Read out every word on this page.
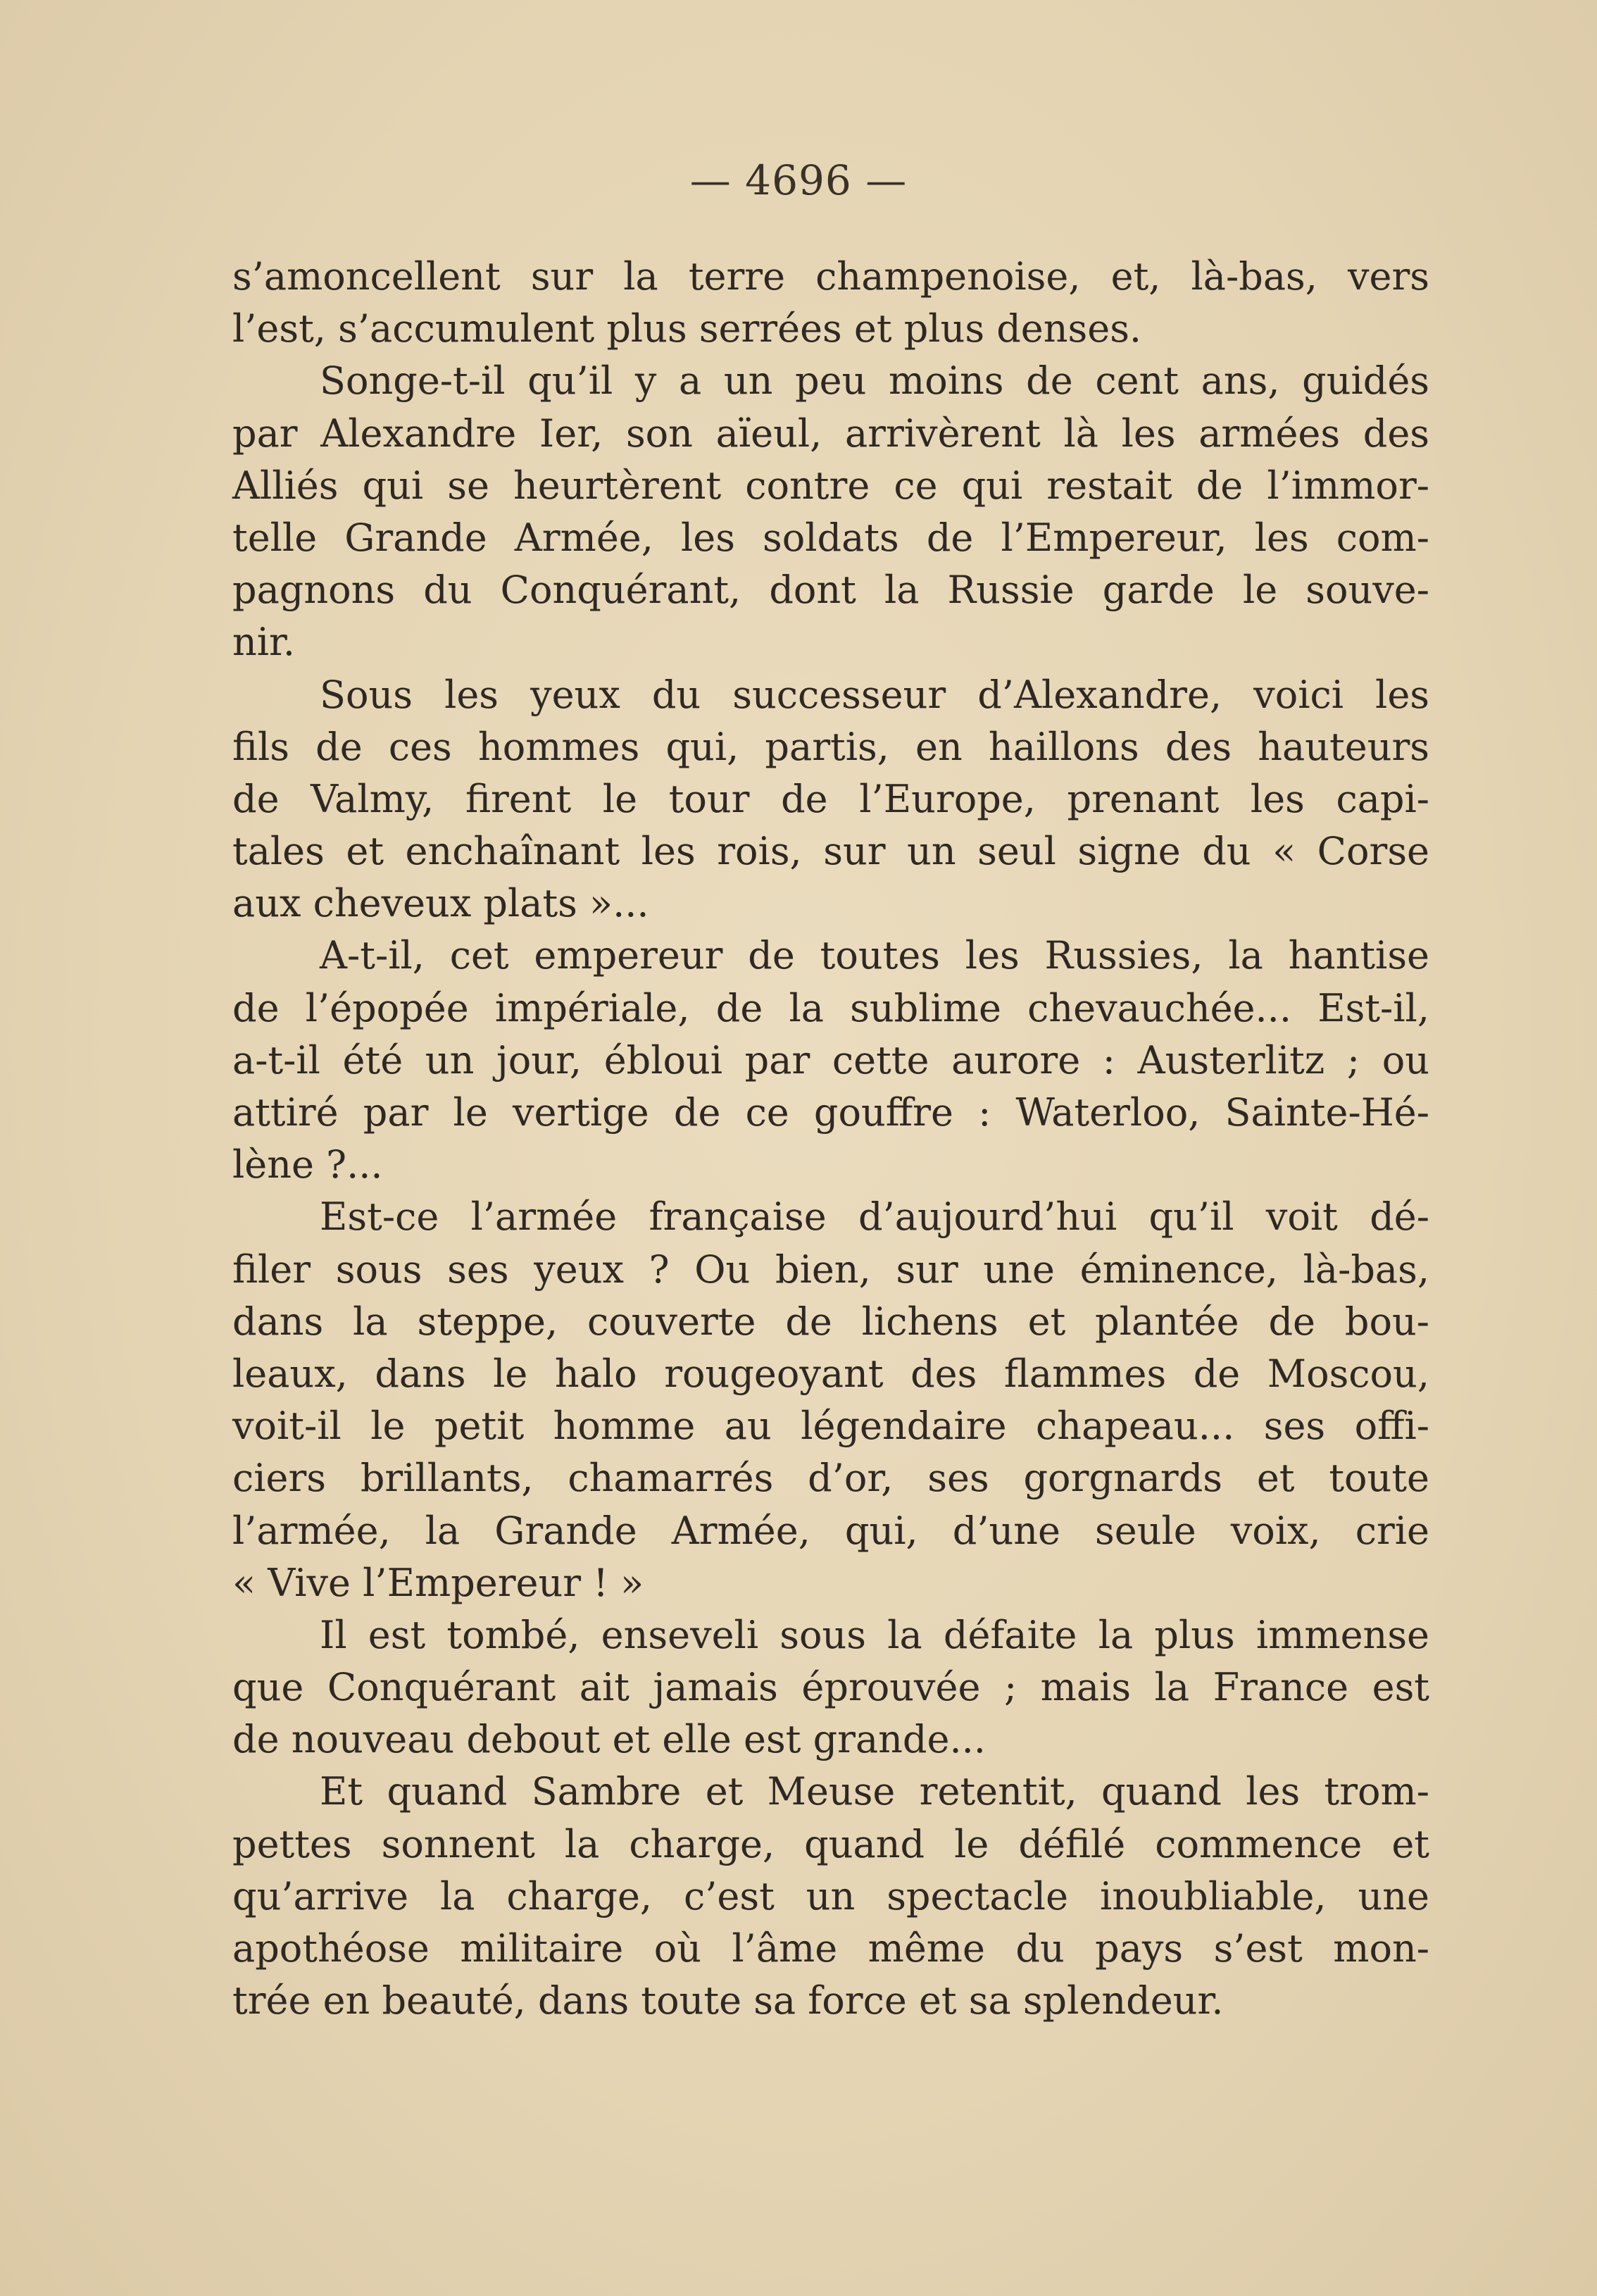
— 4696 —
s’amoncellent sur la terre champenoise, et, là-bas, vers
l’est, s’accumulent plus serrées et plus denses.
Songe-t-il qu’il y a un peu moins de cent ans, guidés
par Alexandre Ier, son aïeul, arrivèrent là les armées des
Alliés qui se heurtèrent contre ce qui restait de l’immor-
telle Grande Armée, les soldats de l’Empereur, les com-
pagnons du Conquérant, dont la Russie garde le souve-
nir.
Sous les yeux du successeur d’Alexandre, voici les
fils de ces hommes qui, partis, en haillons des hauteurs
de Valmy, firent le tour de l’Europe, prenant les capi-
tales et enchaînant les rois, sur un seul signe du « Corse
aux cheveux plats »...
A-t-il, cet empereur de toutes les Russies, la hantise
de l’épopée impériale, de la sublime chevauchée... Est-il,
a-t-il été un jour, ébloui par cette aurore : Austerlitz ; ou
attiré par le vertige de ce gouffre : Waterloo, Sainte-Hé-
lène ?...
Est-ce l’armée française d’aujourd’hui qu’il voit dé-
filer sous ses yeux ? Ou bien, sur une éminence, là-bas,
dans la steppe, couverte de lichens et plantée de bou-
leaux, dans le halo rougeoyant des flammes de Moscou,
voit-il le petit homme au légendaire chapeau... ses offi-
ciers brillants, chamarrés d’or, ses gorgnards et toute
l’armée, la Grande Armée, qui, d’une seule voix, crie
« Vive l’Empereur ! »
Il est tombé, enseveli sous la défaite la plus immense
que Conquérant ait jamais éprouvée ; mais la France est
de nouveau debout et elle est grande...
Et quand Sambre et Meuse retentit, quand les trom-
pettes sonnent la charge, quand le défilé commence et
qu’arrive la charge, c’est un spectacle inoubliable, une
apothéose militaire où l’âme même du pays s’est mon-
trée en beauté, dans toute sa force et sa splendeur.
